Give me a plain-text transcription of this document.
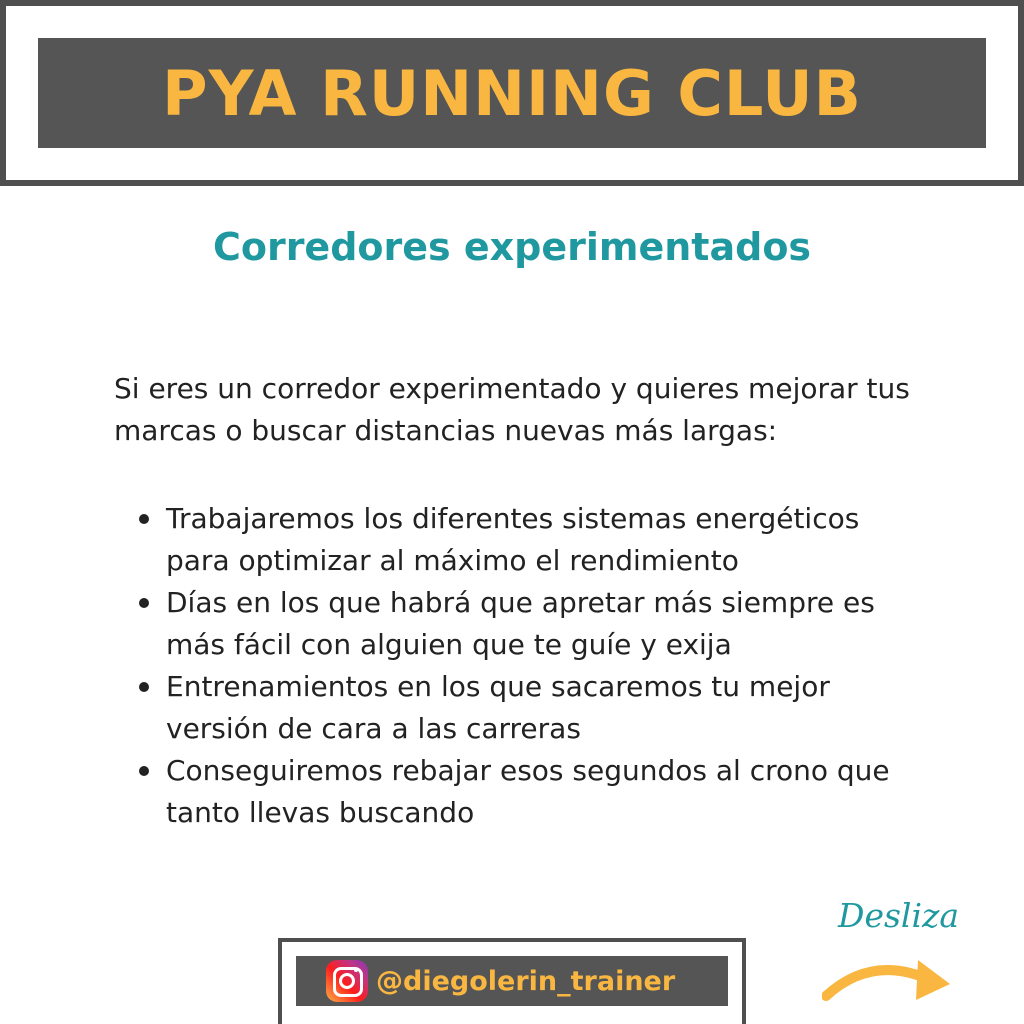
PYA RUNNING CLUB
Corredores experimentados
Si eres un corredor experimentado y quieres mejorar tus marcas o buscar distancias nuevas más largas:
Trabajaremos los diferentes sistemas energéticos para optimizar al máximo el rendimiento
Días en los que habrá que apretar más siempre es más fácil con alguien que te guíe y exija
Entrenamientos en los que sacaremos tu mejor versión de cara a las carreras
Conseguiremos rebajar esos segundos al crono que tanto llevas buscando
Desliza
@diegolerin_trainer
